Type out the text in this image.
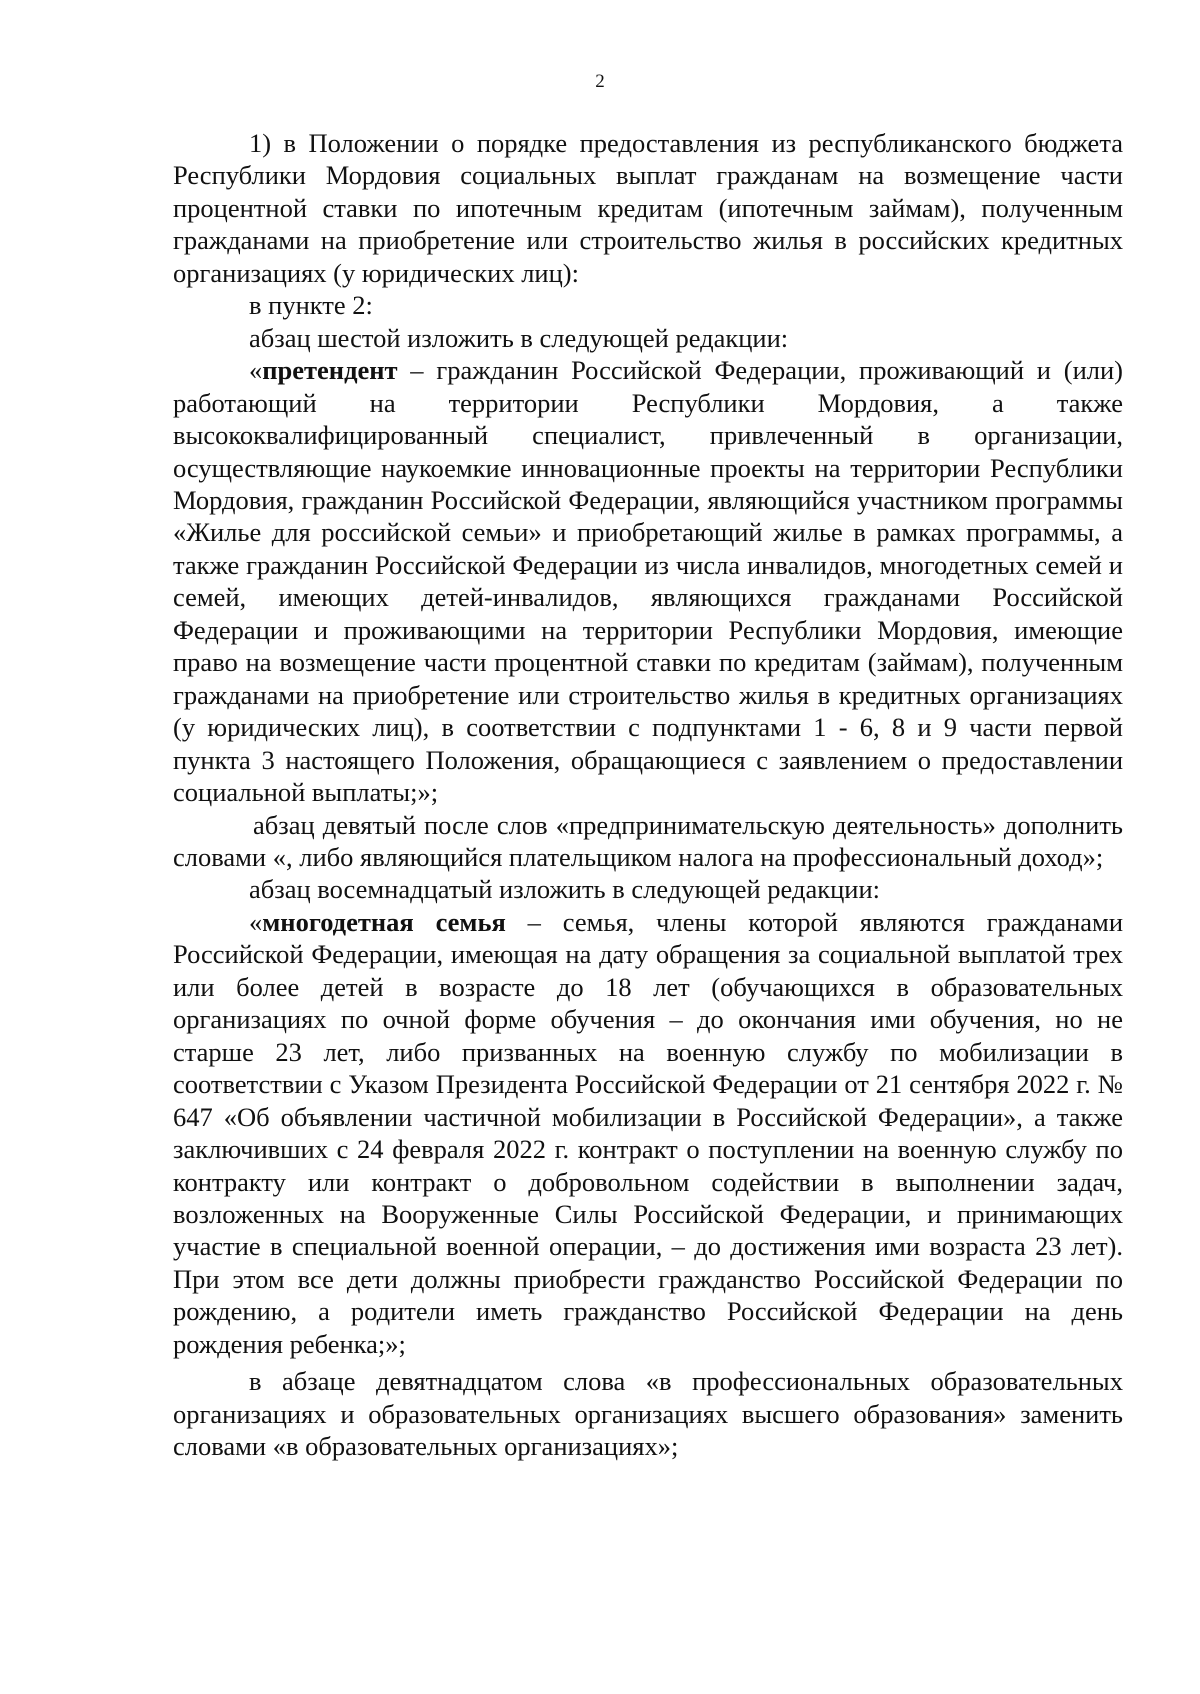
2

1) в Положении о порядке предоставления из республиканского бюджета Республики Мордовия социальных выплат гражданам на возмещение части процентной ставки по ипотечным кредитам (ипотечным займам), полученным гражданами на приобретение или строительство жилья в российских кредитных организациях (у юридических лиц):

в пункте 2:

абзац шестой изложить в следующей редакции:

«претендент – гражданин Российской Федерации, проживающий и (или) работающий на территории Республики Мордовия, а также высококвалифицированный специалист, привлеченный в организации, осуществляющие наукоемкие инновационные проекты на территории Республики Мордовия, гражданин Российской Федерации, являющийся участником программы «Жилье для российской семьи» и приобретающий жилье в рамках программы, а также гражданин Российской Федерации из числа инвалидов, многодетных семей и семей, имеющих детей-инвалидов, являющихся гражданами Российской Федерации и проживающими на территории Республики Мордовия, имеющие право на возмещение части процентной ставки по кредитам (займам), полученным гражданами на приобретение или строительство жилья в кредитных организациях (у юридических лиц), в соответствии с подпунктами 1 - 6, 8 и 9 части первой пункта 3 настоящего Положения, обращающиеся с заявлением о предоставлении социальной выплаты;»;

абзац девятый после слов «предпринимательскую деятельность» дополнить словами «, либо являющийся плательщиком налога на профессиональный доход»;

абзац восемнадцатый изложить в следующей редакции:

«многодетная семья – семья, члены которой являются гражданами Российской Федерации, имеющая на дату обращения за социальной выплатой трех или более детей в возрасте до 18 лет (обучающихся в образовательных организациях по очной форме обучения – до окончания ими обучения, но не старше 23 лет, либо призванных на военную службу по мобилизации в соответствии с Указом Президента Российской Федерации от 21 сентября 2022 г. № 647 «Об объявлении частичной мобилизации в Российской Федерации», а также заключивших с 24 февраля 2022 г. контракт о поступлении на военную службу по контракту или контракт о добровольном содействии в выполнении задач, возложенных на Вооруженные Силы Российской Федерации, и принимающих участие в специальной военной операции, – до достижения ими возраста 23 лет). При этом все дети должны приобрести гражданство Российской Федерации по рождению, а родители иметь гражданство Российской Федерации на день рождения ребенка;»;

в абзаце девятнадцатом слова «в профессиональных образовательных организациях и образовательных организациях высшего образования» заменить словами «в образовательных организациях»;
